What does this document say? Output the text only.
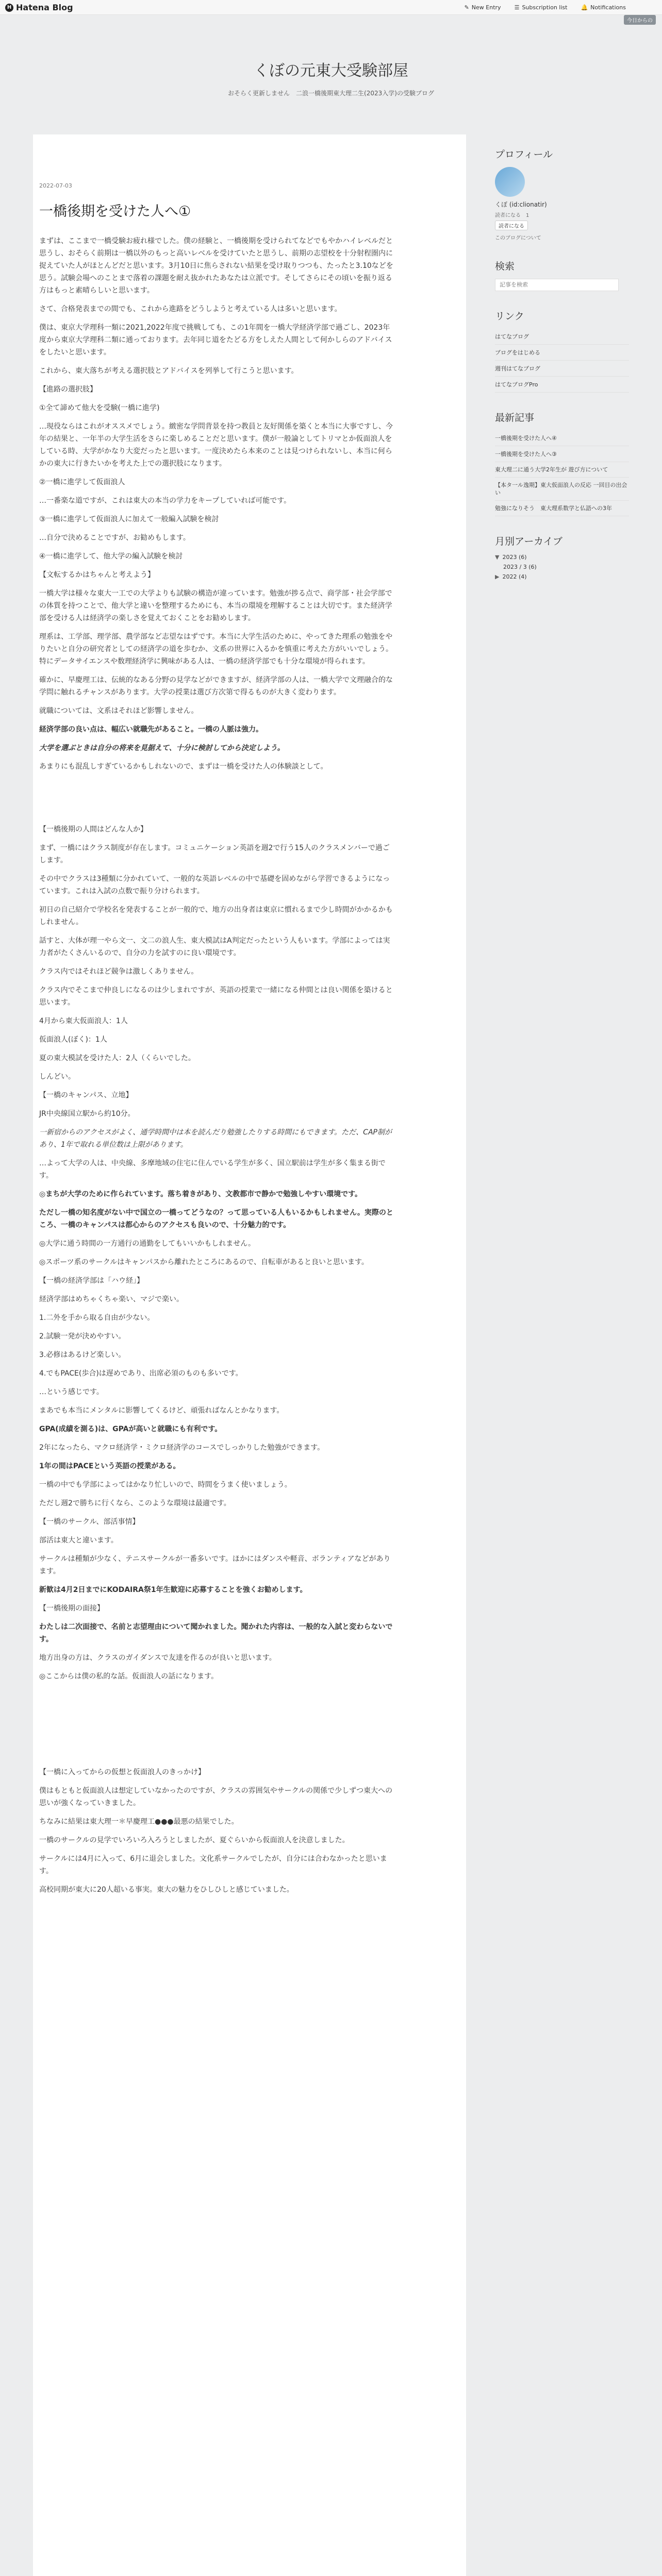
H Hatena Blog	✎ New Entry ☰ Subscription list 🔔 Notifications
今日からの
くぼの元東大受験部屋
おそらく更新しません　二浪一橋後期東大理二生(2023入学)の受験ブログ
2022-07-03
一橋後期を受けた人へ①

まずは、ここまで一橋受験お疲れ様でした。僕の経験と、一橋後期を受けられてなどでもやかハイレベルだと思うし、おそらく前期は一橋以外のもっと高いレベルを受けていたと思うし、前期の志望校を十分射程圏内に捉えていた人がほとんどだと思います。3月10日に焦らされない結果を受け取りつつも、たったと3.10などを思う。試験会場へのことまで落着の課題を耐え抜かれたあなたは立派です。そしてさらにその頃いを振り返る方はもっと素晴らしいと思います。

さて、合格発表までの間でも、これから進路をどうしようと考えている人は多いと思います。

僕は、東京大学理科一類に2021,2022年度で挑戦しても、この1年間を一橋大学経済学部で過ごし、2023年度から東京大学理科二類に通っております。去年同じ道をたどる方をしえた人間として何かしらのアドバイスをしたいと思います。

これから、東大落ちが考える選択肢とアドバイスを列挙して行こうと思います。

【進路の選択肢】

①全て諦めて他大を受験(一橋に進学)

…現役ならはこれがオススメでしょう。緻密な学問背景を持つ教員と友好関係を築くと本当に大事ですし、今年の結果と、一年半の大学生活をさらに楽しめることだと思います。僕が一般論としてトリマとか仮面浪人をしている時、大学がかなり大変だったと思います。一度決めたら本来のことは見つけられないし、本当に何らかの東大に行きたいかを考えた上での選択肢になります。

②一橋に進学して仮面浪人

…一番楽な道ですが、これは東大の本当の学力をキープしていれば可能です。

③一橋に進学して仮面浪人に加えて一般編入試験を検討

…自分で決めることですが、お勧めもします。

④一橋に進学して、他大学の編入試験を検討

【文転するかはちゃんと考えよう】

一橋大学は様々な東大一工での大学よりも試験の構造が違っています。勉強が捗る点で、商学部・社会学部での体質を持つことで、他大学と違いを整理するためにも、本当の環境を理解することは大切です。また経済学部を受ける人は経済学の楽しさを覚えておくことをお勧めします。

理系は、工学部、理学部、農学部など志望なはずです。本当に大学生活のために、やってきた理系の勉強をやりたいと自分の研究者としての経済学の道を歩むか、文系の世界に入るかを慎重に考えた方がいいでしょう。特にデータサイエンスや数理経済学に興味がある人は、一橋の経済学部でも十分な環境が得られます。

確かに、早慶理工は、伝統的なある分野の見学などができますが、経済学部の人は、一橋大学で文理融合的な学問に触れるチャンスがあります。大学の授業は選び方次第で得るものが大きく変わります。

就職については、文系はそれほど影響しません。

経済学部の良い点は、幅広い就職先があること。一橋の人脈は強力。

大学を選ぶときは自分の将来を見据えて、十分に検討してから決定しよう。

あまりにも混乱しすぎているかもしれないので、まずは一橋を受けた人の体験談として。

【一橋後期の人間はどんな人か】

まず、一橋にはクラス制度が存在します。コミュニケーション英語を週2で行う15人のクラスメンバーで過ごします。

その中でクラスは3種類に分かれていて、一般的な英語レベルの中で基礎を固めながら学習できるようになっています。これは入試の点数で振り分けられます。

初日の自己紹介で学校名を発表することが一般的で、地方の出身者は東京に慣れるまで少し時間がかかるかもしれません。

話すと、大体が理一やら文一、文二の浪人生、東大模試はA判定だったという人もいます。学部によっては実力者がたくさんいるので、自分の力を試すのに良い環境です。

クラス内ではそれほど競争は激しくありません。

クラス内でそこまで仲良しになるのは少しまれですが、英語の授業で一緒になる仲間とは良い関係を築けると思います。

4月から東大仮面浪人：1人

仮面浪人(ぼく)：1人

夏の東大模試を受けた人：2人（くらいでした。

しんどい。

【一橋のキャンパス、立地】

JR中央線国立駅から約10分。

一新宿からのアクセスがよく、通学時間中は本を読んだり勉強したりする時間にもできます。ただ、CAP制があり、1年で取れる単位数は上限があります。

…よって大学の人は、中央線、多摩地域の住宅に住んでいる学生が多く、国立駅前は学生が多く集まる街です。

◎まちが大学のために作られています。落ち着きがあり、文教都市で静かで勉強しやすい環境です。

ただし一橋の知名度がない中で国立の一橋ってどうなの？って思っている人もいるかもしれません。実際のところ、一橋のキャンパスは都心からのアクセスも良いので、十分魅力的です。

◎大学に通う時間の一方通行の通勤をしてもいいかもしれません。

◎スポーツ系のサークルはキャンパスから離れたところにあるので、自転車があると良いと思います。

【一橋の経済学部は「ハウ経」】

経済学部はめちゃくちゃ楽い、マジで楽い。

1.二外を手から取る自由が少ない。

2.試験一発が決めやすい。

3.必修はあるけど楽しい。

4.でもPACE(歩合)は遅めであり、出席必須のものも多いです。

…という感じです。

まあでも本当にメンタルに影響してくるけど、頑張ればなんとかなります。

GPA(成績を測る)は、GPAが高いと就職にも有利です。

2年になったら、マクロ経済学・ミクロ経済学のコースでしっかりした勉強ができます。

1年の間はPACEという英語の授業がある。

一橋の中でも学部によってはかなり忙しいので、時間をうまく使いましょう。

ただし週2で勝ちに行くなら、このような環境は最適です。

【一橋のサークル、部活事情】

部活は東大と違います。

サークルは種類が少なく、テニスサークルが一番多いです。ほかにはダンスや軽音、ボランティアなどがあります。

新歓は4月2日までにKODAIRA祭1年生歓迎に応募することを強くお勧めします。

【一橋後期の面接】

わたしは二次面接で、名前と志望理由について聞かれました。聞かれた内容は、一般的な入試と変わらないです。

地方出身の方は、クラスのガイダンスで友達を作るのが良いと思います。

◎ここからは僕の私的な話。仮面浪人の話になります。

【一橋に入ってからの仮想と仮面浪人のきっかけ】

僕はもともと仮面浪人は想定していなかったのですが、クラスの雰囲気やサークルの関係で少しずつ東大への思いが強くなっていきました。

ちなみに結果は東大理一＊早慶理工●●●最悪の結果でした。

一橋のサークルの見学でいろいろ入ろうとしましたが、夏ぐらいから仮面浪人を決意しました。

サークルには4月に入って、6月に退会しました。文化系サークルでしたが、自分には合わなかったと思います。

高校同期が東大に20人超いる事実。東大の魅力をひしひしと感じていました。

プロフィール
くぼ (id:clionatir)
読者になる　1
読者になる
このブログについて
検索
記事を検索
リンク
はてなブログ
ブログをはじめる
週刊はてなブログ
はてなブログPro
最新記事
一橋後期を受けた人へ④
一橋後期を受けた人へ③
東大理二に通う大学2年生が 遊び方について
【本タ一ル逸期】東大仮面浪人の反応 一回目の出会い
勉強になりそう　東大理系数学と仏語への3年
月別アーカイブ
▼ 2023 (6)
2023 / 3 (6)
▶ 2022 (4)
